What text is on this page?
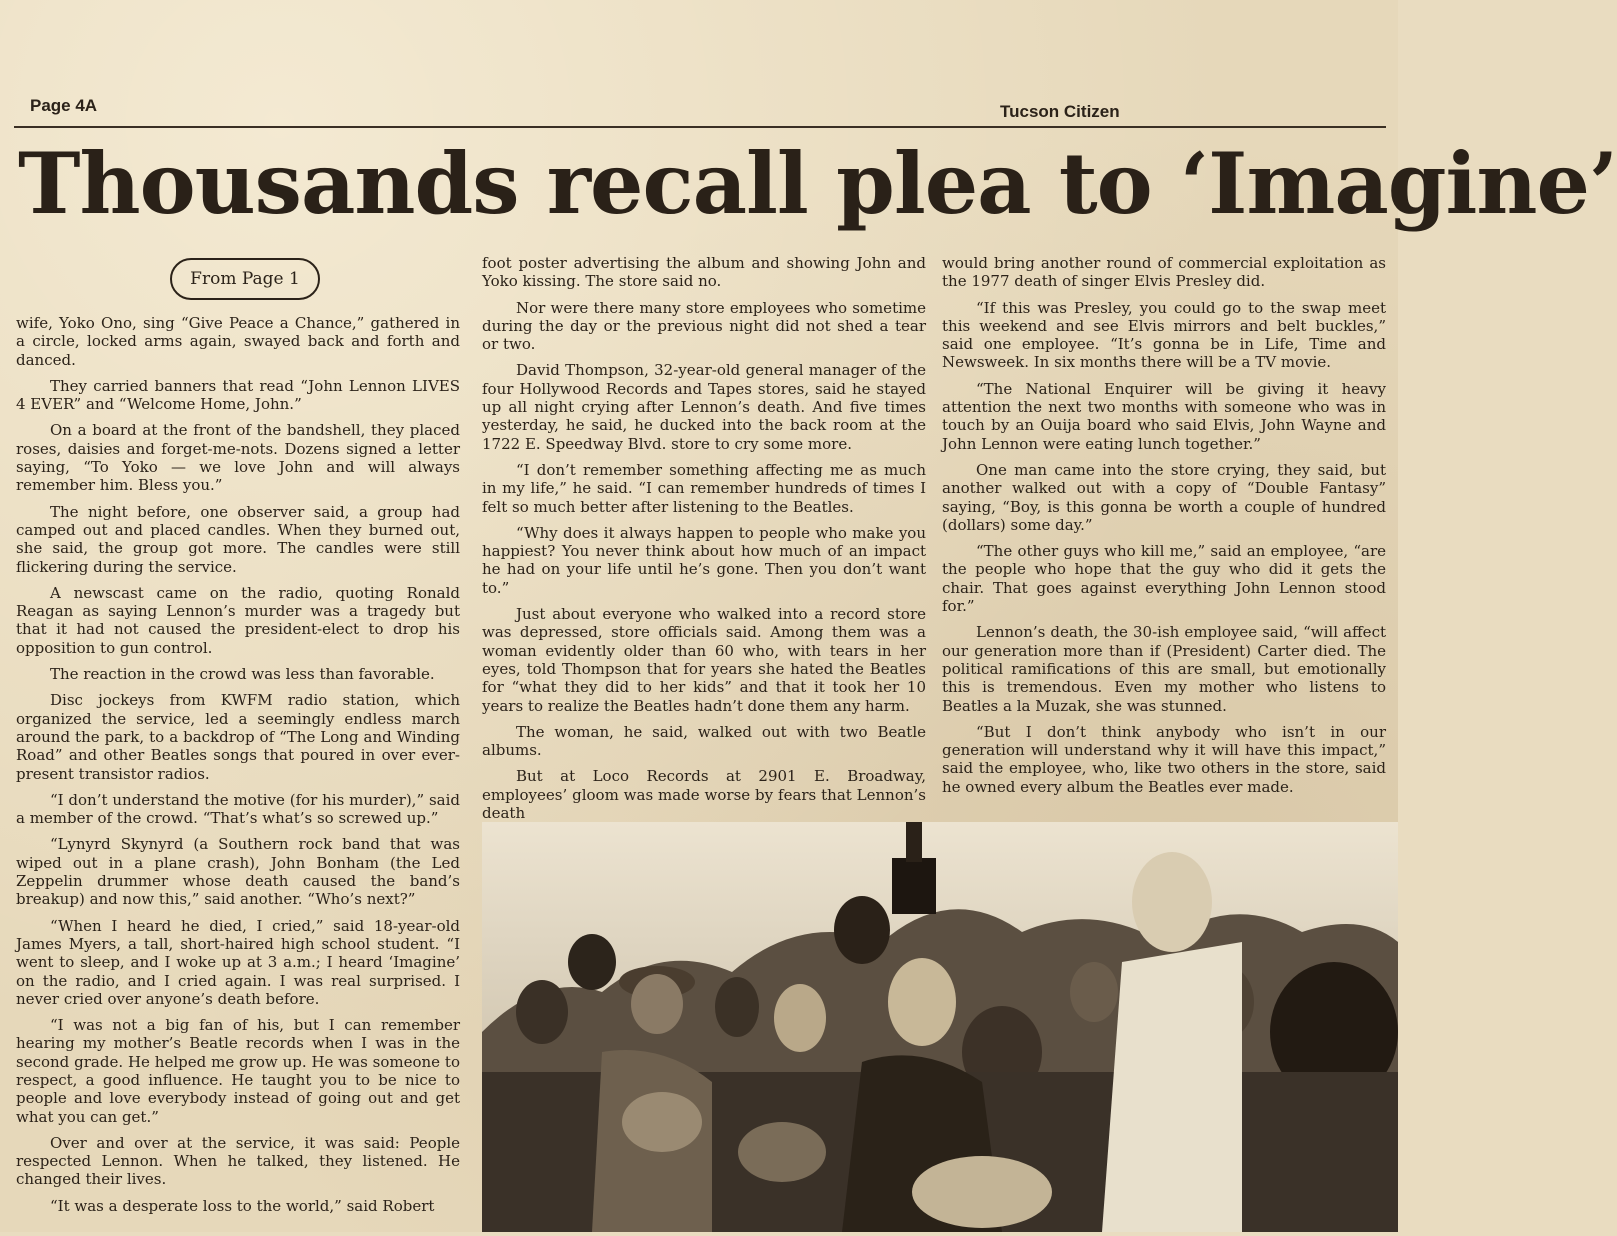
Page 4A	Tucson Citizen
Thousands recall plea to ‘Imagine’
From Page 1

wife, Yoko Ono, sing “Give Peace a Chance,” gathered in a circle, locked arms again, swayed back and forth and danced.

They carried banners that read “John Lennon LIVES 4 EVER” and “Welcome Home, John.”

On a board at the front of the bandshell, they placed roses, daisies and forget-me-nots. Dozens signed a letter saying, “To Yoko — we love John and will always remember him. Bless you.”

The night before, one observer said, a group had camped out and placed candles. When they burned out, she said, the group got more. The candles were still flickering during the service.

A newscast came on the radio, quoting Ronald Reagan as saying Lennon’s murder was a tragedy but that it had not caused the president-elect to drop his opposition to gun control.

The reaction in the crowd was less than favorable.

Disc jockeys from KWFM radio station, which organized the service, led a seemingly endless march around the park, to a backdrop of “The Long and Winding Road” and other Beatles songs that poured in over ever-present transistor radios.

“I don’t understand the motive (for his murder),” said a member of the crowd. “That’s what’s so screwed up.”

“Lynyrd Skynyrd (a Southern rock band that was wiped out in a plane crash), John Bonham (the Led Zeppelin drummer whose death caused the band’s breakup) and now this,” said another. “Who’s next?”

“When I heard he died, I cried,” said 18-year-old James Myers, a tall, short-haired high school student. “I went to sleep, and I woke up at 3 a.m.; I heard ‘Imagine’ on the radio, and I cried again. I was real surprised. I never cried over anyone’s death before.

“I was not a big fan of his, but I can remember hearing my mother’s Beatle records when I was in the second grade. He helped me grow up. He was someone to respect, a good influence. He taught you to be nice to people and love everybody instead of going out and get what you can get.”

Over and over at the service, it was said: People respected Lennon. When he talked, they listened. He changed their lives.

“It was a desperate loss to the world,” said Robert

foot poster advertising the album and showing John and Yoko kissing. The store said no.

Nor were there many store employees who sometime during the day or the previous night did not shed a tear or two.

David Thompson, 32-year-old general manager of the four Hollywood Records and Tapes stores, said he stayed up all night crying after Lennon’s death. And five times yesterday, he said, he ducked into the back room at the 1722 E. Speedway Blvd. store to cry some more.

“I don’t remember something affecting me as much in my life,” he said. “I can remember hundreds of times I felt so much better after listening to the Beatles.

“Why does it always happen to people who make you happiest? You never think about how much of an impact he had on your life until he’s gone. Then you don’t want to.”

Just about everyone who walked into a record store was depressed, store officials said. Among them was a woman evidently older than 60 who, with tears in her eyes, told Thompson that for years she hated the Beatles for “what they did to her kids” and that it took her 10 years to realize the Beatles hadn’t done them any harm.

The woman, he said, walked out with two Beatle albums.

But at Loco Records at 2901 E. Broadway, employees’ gloom was made worse by fears that Lennon’s death

would bring another round of commercial exploitation as the 1977 death of singer Elvis Presley did.

“If this was Presley, you could go to the swap meet this weekend and see Elvis mirrors and belt buckles,” said one employee. “It’s gonna be in Life, Time and Newsweek. In six months there will be a TV movie.

“The National Enquirer will be giving it heavy attention the next two months with someone who was in touch by an Ouija board who said Elvis, John Wayne and John Lennon were eating lunch together.”

One man came into the store crying, they said, but another walked out with a copy of “Double Fantasy” saying, “Boy, is this gonna be worth a couple of hundred (dollars) some day.”

“The other guys who kill me,” said an employee, “are the people who hope that the guy who did it gets the chair. That goes against everything John Lennon stood for.”

Lennon’s death, the 30-ish employee said, “will affect our generation more than if (President) Carter died. The political ramifications of this are small, but emotionally this is tremendous. Even my mother who listens to Beatles a la Muzak, she was stunned.

“But I don’t think anybody who isn’t in our generation will understand why it will have this impact,” said the employee, who, like two others in the store, said he owned every album the Beatles ever made.
